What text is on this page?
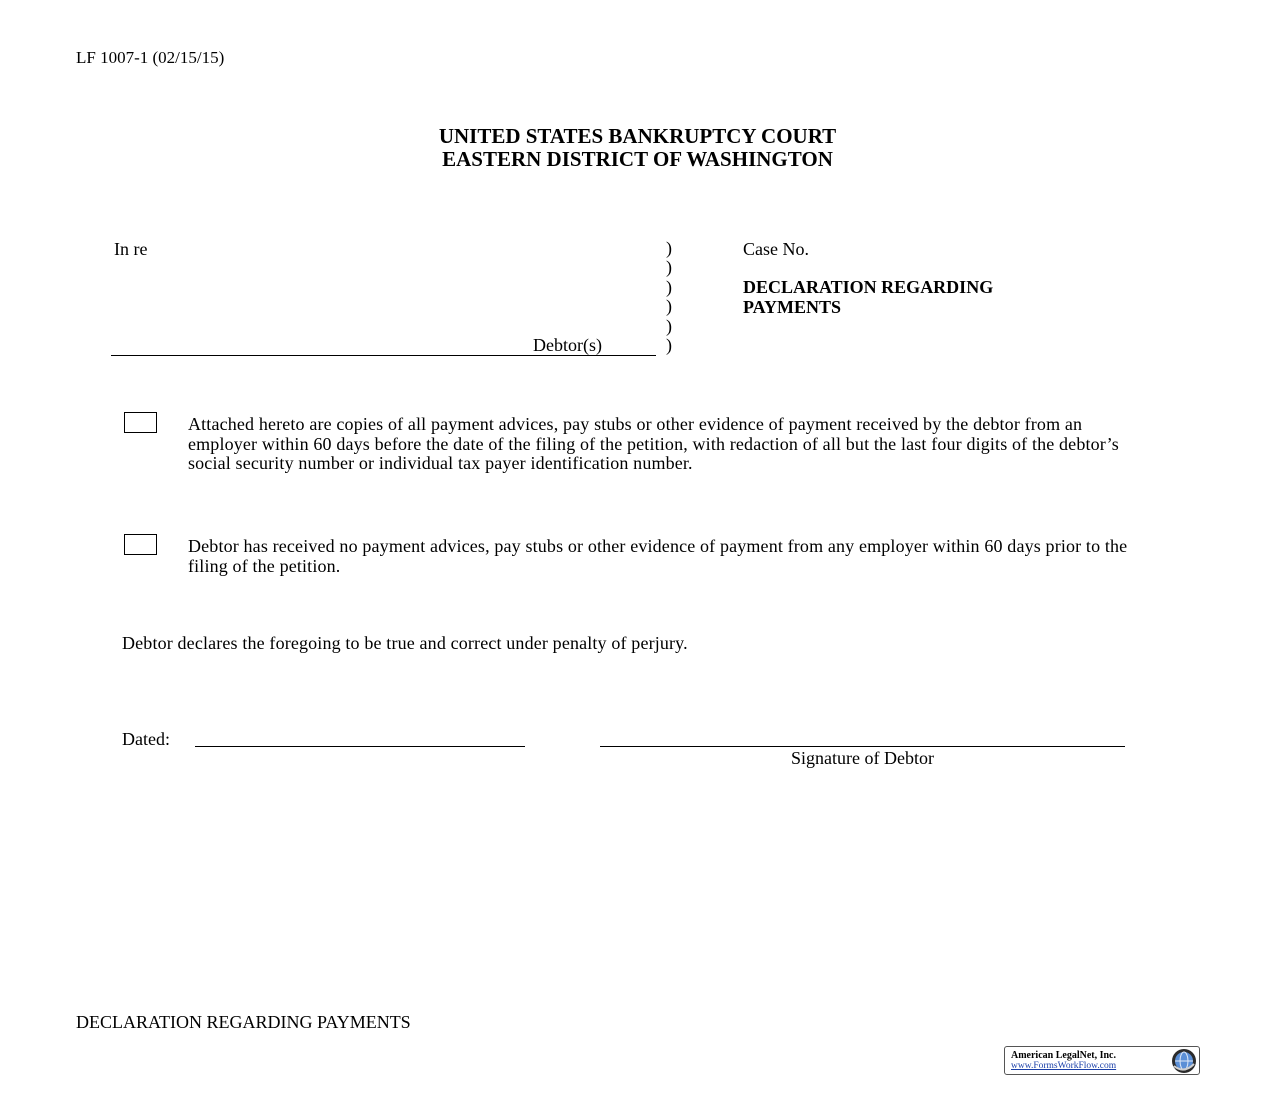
LF 1007-1 (02/15/15)
UNITED STATES BANKRUPTCY COURT
EASTERN DISTRICT OF WASHINGTON
In re	)
)
)
)
)
)
Case No.
DECLARATION REGARDING
PAYMENTS
Debtor(s)
Attached hereto are copies of all payment advices, pay stubs or other evidence of payment received by the debtor from an employer within 60 days before the date of the filing of the petition, with redaction of all but the last four digits of the debtor’s social security number or individual tax payer identification number.
Debtor has received no payment advices, pay stubs or other evidence of payment from any employer within 60 days prior to the filing of the petition.
Debtor declares the foregoing to be true and correct under penalty of perjury.
Dated:
Signature of Debtor
DECLARATION REGARDING PAYMENTS
American LegalNet, Inc.
www.FormsWorkFlow.com
